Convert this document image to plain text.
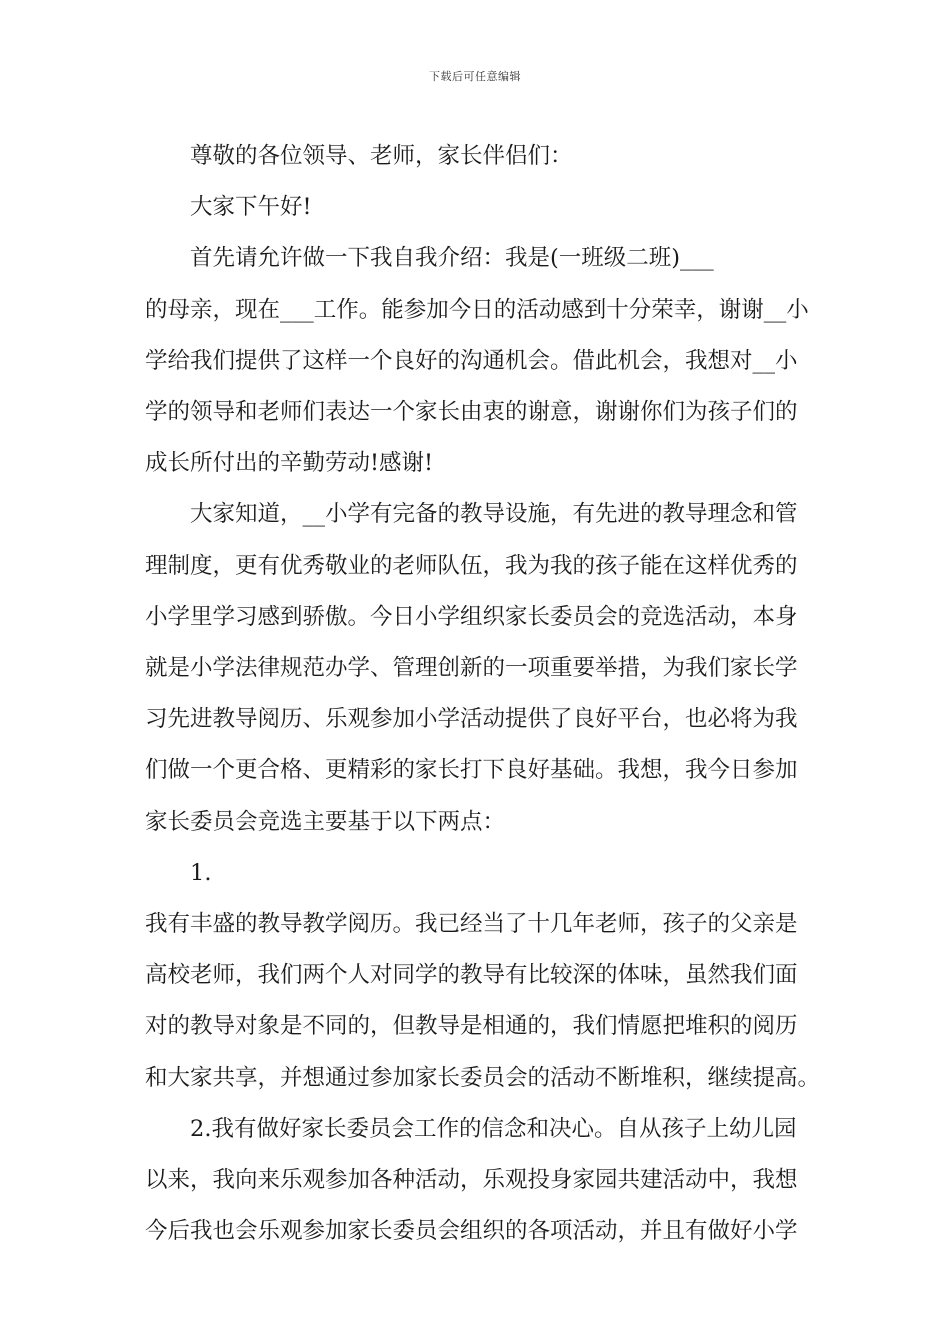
下载后可任意编辑

尊敬的各位领导、老师，家长伴侣们：

大家下午好!

首先请允许做一下我自我介绍：我是(一班级二班)___

的母亲，现在___工作。能参加今日的活动感到十分荣幸，谢谢__小

学给我们提供了这样一个良好的沟通机会。借此机会，我想对__小

学的领导和老师们表达一个家长由衷的谢意，谢谢你们为孩子们的

成长所付出的辛勤劳动!感谢!

大家知道，__小学有完备的教导设施，有先进的教导理念和管

理制度，更有优秀敬业的老师队伍，我为我的孩子能在这样优秀的

小学里学习感到骄傲。今日小学组织家长委员会的竞选活动，本身

就是小学法律规范办学、管理创新的一项重要举措，为我们家长学

习先进教导阅历、乐观参加小学活动提供了良好平台，也必将为我

们做一个更合格、更精彩的家长打下良好基础。我想，我今日参加

家长委员会竞选主要基于以下两点：

1.

我有丰盛的教导教学阅历。我已经当了十几年老师，孩子的父亲是

高校老师，我们两个人对同学的教导有比较深的体味，虽然我们面

对的教导对象是不同的，但教导是相通的，我们情愿把堆积的阅历

和大家共享，并想通过参加家长委员会的活动不断堆积，继续提高。

2.我有做好家长委员会工作的信念和决心。自从孩子上幼儿园

以来，我向来乐观参加各种活动，乐观投身家园共建活动中，我想

今后我也会乐观参加家长委员会组织的各项活动，并且有做好小学
